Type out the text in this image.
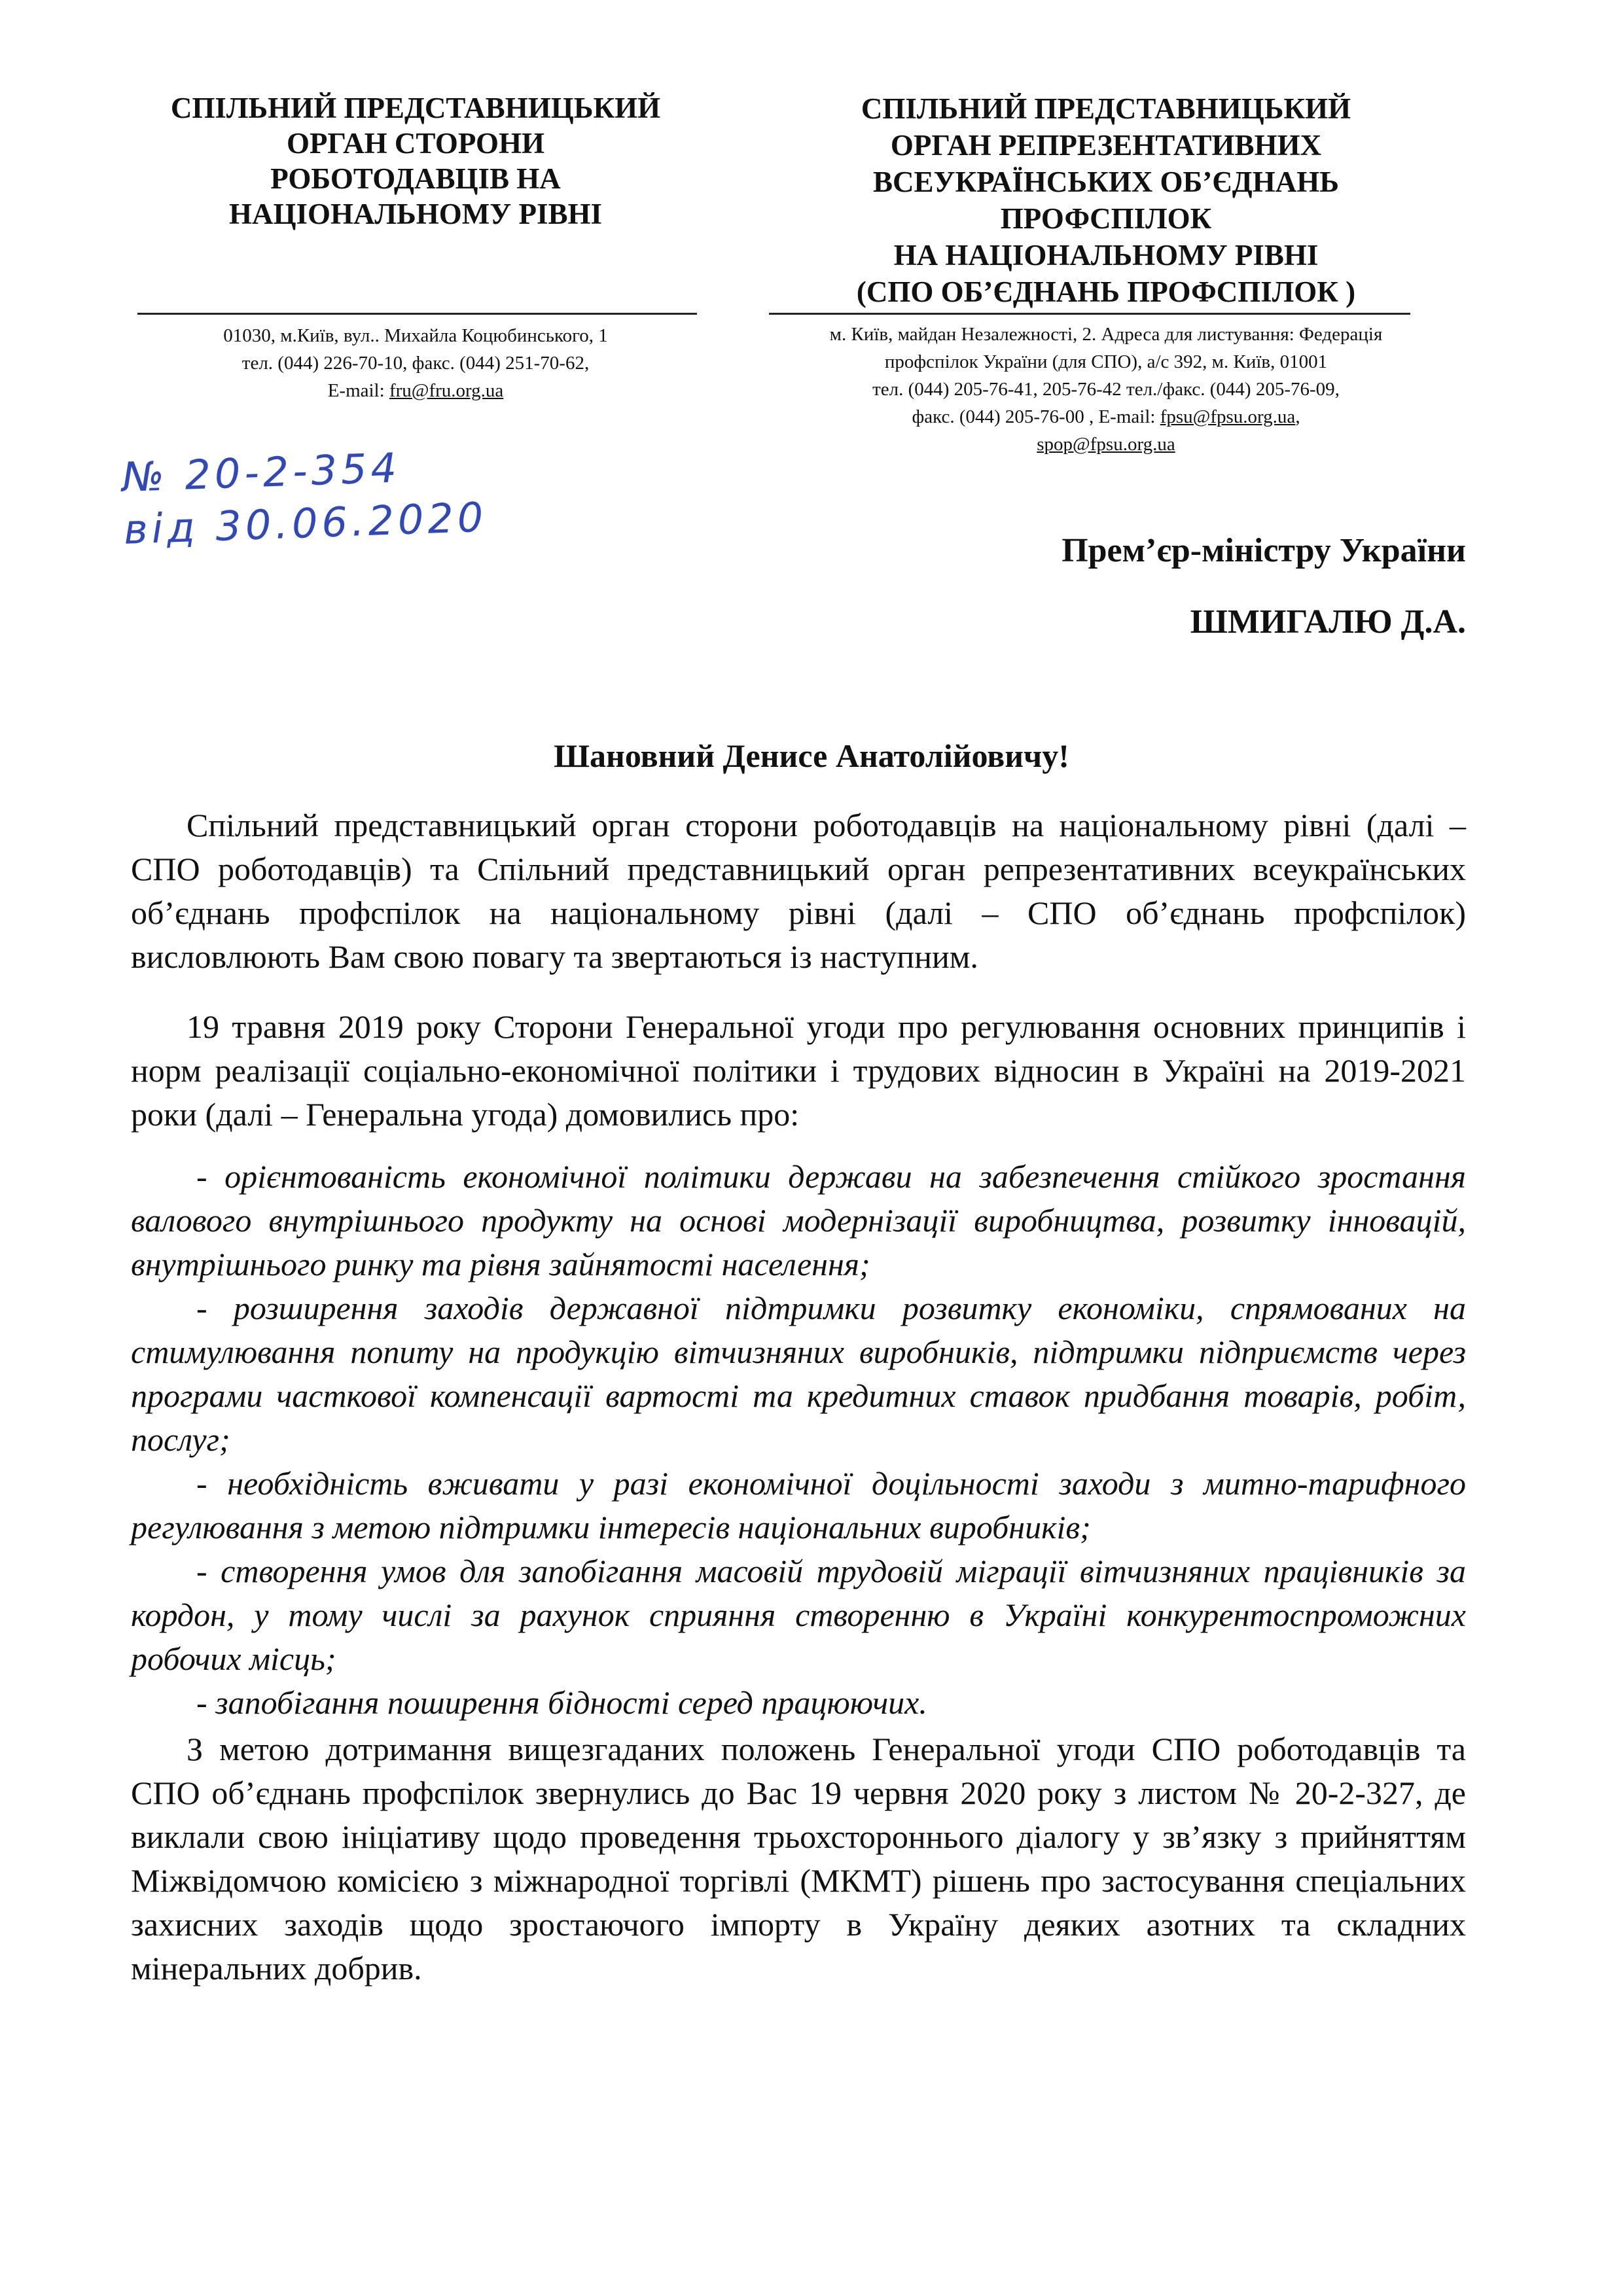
СПІЛЬНИЙ ПРЕДСТАВНИЦЬКИЙ
ОРГАН СТОРОНИ
РОБОТОДАВЦІВ НА
НАЦІОНАЛЬНОМУ РІВНІ
СПІЛЬНИЙ ПРЕДСТАВНИЦЬКИЙ
ОРГАН РЕПРЕЗЕНТАТИВНИХ
ВСЕУКРАЇНСЬКИХ ОБ’ЄДНАНЬ
ПРОФСПІЛОК
НА НАЦІОНАЛЬНОМУ РІВНІ
(СПО ОБ’ЄДНАНЬ ПРОФСПІЛОК )
01030, м.Київ, вул.. Михайла Коцюбинського, 1
тел. (044) 226-70-10, факс. (044) 251-70-62,
E-mail: fru@fru.org.ua
м. Київ, майдан Незалежності, 2. Адреса для листування: Федерація
профспілок України (для СПО), а/с 392, м. Київ, 01001
тел. (044) 205-76-41, 205-76-42 тел./факс. (044) 205-76-09,
факс. (044) 205-76-00 , E-mail: fpsu@fpsu.org.ua,
spop@fpsu.org.ua
№ 20-2-354
від 30.06.2020	Прем’єр-міністру України
ШМИГАЛЮ Д.А.
Шановний Денисе Анатолійовичу!

Спільний представницький орган сторони роботодавців на національному рівні (далі – СПО роботодавців) та Спільний представницький орган репрезентативних всеукраїнських об’єднань профспілок на національному рівні (далі – СПО об’єднань профспілок) висловлюють Вам свою повагу та звертаються із наступним.

19 травня 2019 року Сторони Генеральної угоди про регулювання основних принципів і норм реалізації соціально-економічної політики і трудових відносин в Україні на 2019-2021 роки (далі – Генеральна угода) домовились про:

- орієнтованість економічної політики держави на забезпечення стійкого зростання валового внутрішнього продукту на основі модернізації виробництва, розвитку інновацій, внутрішнього ринку та рівня зайнятості населення;
- розширення заходів державної підтримки розвитку економіки, спрямованих на стимулювання попиту на продукцію вітчизняних виробників, підтримки підприємств через програми часткової компенсації вартості та кредитних ставок придбання товарів, робіт, послуг;
- необхідність вживати у разі економічної доцільності заходи з митно-тарифного регулювання з метою підтримки інтересів національних виробників;
- створення умов для запобігання масовій трудовій міграції вітчизняних працівників за кордон, у тому числі за рахунок сприяння створенню в Україні конкурентоспроможних робочих місць;
- запобігання поширення бідності серед працюючих.

З метою дотримання вищезгаданих положень Генеральної угоди СПО роботодавців та СПО об’єднань профспілок звернулись до Вас 19 червня 2020 року з листом № 20-2-327, де виклали свою ініціативу щодо проведення трьохстороннього діалогу у зв’язку з прийняттям Міжвідомчою комісією з міжнародної торгівлі (МКМТ) рішень про застосування спеціальних захисних заходів щодо зростаючого імпорту в Україну деяких азотних та складних мінеральних добрив.
